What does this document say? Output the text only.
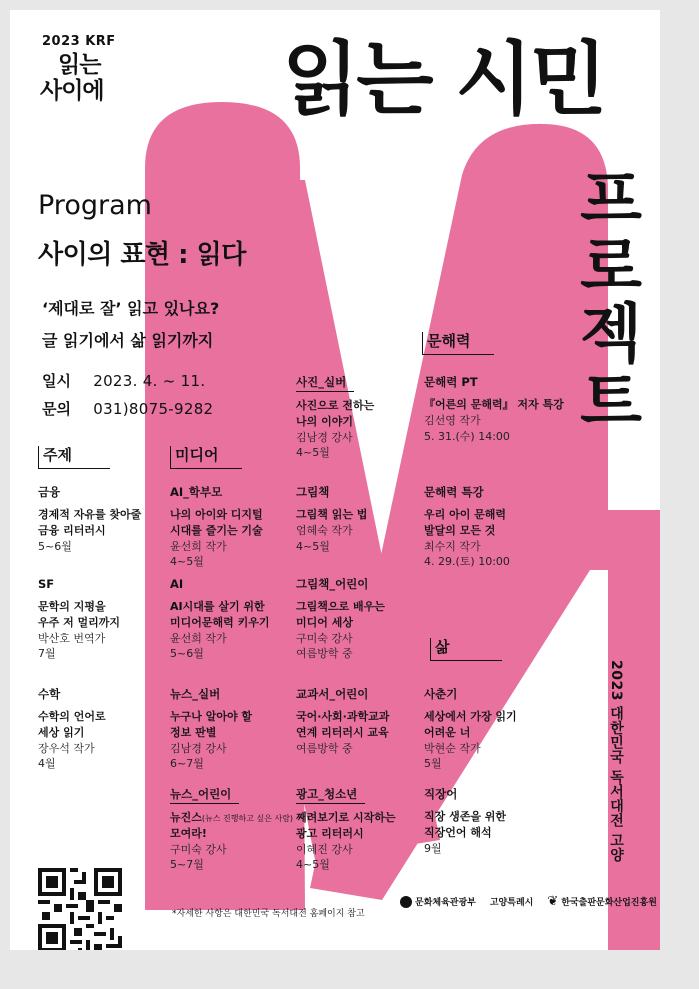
2023 KRF
읽는
사이에 읽는 시민
프
로
젝
트
2023 대한민국 독서대전 고양
Program
사이의 표현 : 읽다
‘제대로 잘’ 읽고 있나요?
글 읽기에서 삶 읽기까지
일시 2023. 4. ~ 11.
문의 031)8075-9282
주제	미디어
문해력
삶
금융
경제적 자유를 찾아줄
금융 리터러시
5~6월
SF
문학의 지평을
우주 저 멀리까지
박산호 번역가
7월
수학
수학의 언어로
세상 읽기
장우석 작가
4월
AI_학부모
나의 아이와 디지털
시대를 즐기는 기술
윤선희 작가
4~5월
AI
AI시대를 살기 위한
미디어문해력 키우기
윤선희 작가
5~6월
뉴스_실버
누구나 알아야 할
정보 판별
김남경 강사
6~7월
뉴스_어린이
뉴진스(뉴스 진행하고 싶은 사람)
모여라!
구미숙 강사
5~7월
사진_실버
사진으로 전하는
나의 이야기
김남경 강사
4~5월
그림책
그림책 읽는 법
엄혜숙 작가
4~5월
그림책_어린이
그림책으로 배우는
미디어 세상
구미숙 강사
여름방학 중
교과서_어린이
국어·사회·과학교과
연계 리터러시 교육
여름방학 중
광고_청소년
째려보기로 시작하는
광고 리터러시
이혜진 강사
4~5월
문해력 PT
『어른의 문해력』 저자 특강
김선영 작가
5. 31.(수) 14:00
문해력 특강
우리 아이 문해력
발달의 모든 것
최수지 작가
4. 29.(토) 10:00
사춘기
세상에서 가장 읽기
어려운 너
박현순 작가
5월
직장어
직장 생존을 위한
직장언어 해석
9월
*자세한 사항은 대한민국 독서대전 홈페이지 참고
문화체육관광부 고양특례시 ❦ 한국출판문화산업진흥원
